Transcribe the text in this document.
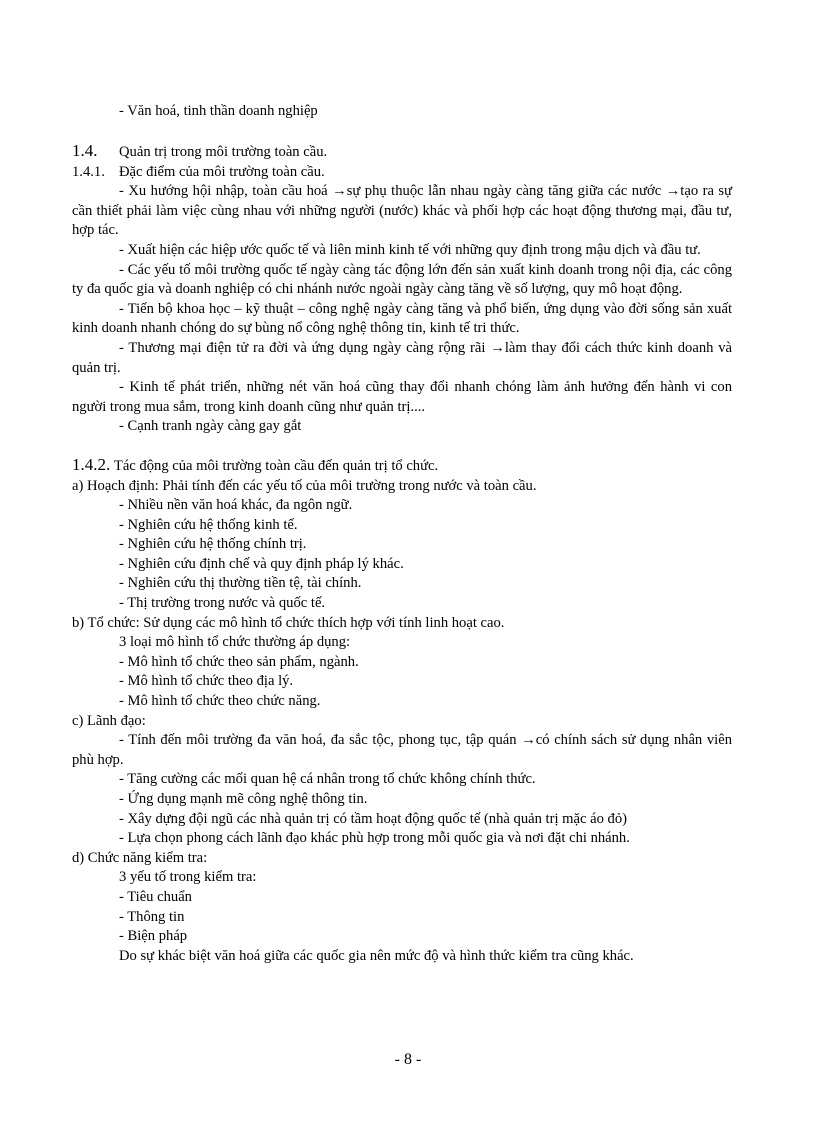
- Văn hoá, tinh thần doanh nghiệp

1.4. Quản trị trong môi trường toàn cầu.

1.4.1. Đặc điểm của môi trường toàn cầu.

- Xu hướng hội nhập, toàn cầu hoá →sự phụ thuộc lẫn nhau ngày càng tăng giữa các nước →tạo ra sự cần thiết phải làm việc cùng nhau với những người (nước) khác và phối hợp các hoạt động thương mại, đầu tư, hợp tác.

- Xuất hiện các hiệp ước quốc tế và liên minh kinh tế với những quy định trong mậu dịch và đầu tư.

- Các yếu tố môi trường quốc tế ngày càng tác động lớn đến sản xuất kinh doanh trong nội địa, các công ty đa quốc gia và doanh nghiệp có chi nhánh nước ngoài ngày càng tăng về số lượng, quy mô hoạt động.

- Tiến bộ khoa học – kỹ thuật – công nghệ ngày càng tăng và phổ biến, ứng dụng vào đời sống sản xuất kinh doanh nhanh chóng do sự bùng nổ công nghệ thông tin, kinh tế tri thức.

- Thương mại điện tử ra đời và ứng dụng ngày càng rộng rãi →làm thay đổi cách thức kinh doanh và quản trị.

- Kinh tế phát triển, những nét văn hoá cũng thay đổi nhanh chóng làm ảnh hưởng đến hành vi con người trong mua sắm, trong kinh doanh cũng như quản trị....

- Cạnh tranh ngày càng gay gắt

1.4.2. Tác động của môi trường toàn cầu đến quản trị tổ chức.

a) Hoạch định: Phải tính đến các yếu tố của môi trường trong nước và toàn cầu.

- Nhiều nền văn hoá khác, đa ngôn ngữ.

- Nghiên cứu hệ thống kinh tế.

- Nghiên cứu hệ thống chính trị.

- Nghiên cứu định chế và quy định pháp lý khác.

- Nghiên cứu thị thường tiền tệ, tài chính.

- Thị trường trong nước và quốc tế.

b) Tổ chức: Sử dụng các mô hình tổ chức thích hợp với tính linh hoạt cao.

3 loại mô hình tổ chức thường áp dụng:

- Mô hình tổ chức theo sản phẩm, ngành.

- Mô hình tổ chức theo địa lý.

- Mô hình tổ chức theo chức năng.

c) Lãnh đạo:

- Tính đến môi trường đa văn hoá, đa sắc tộc, phong tục, tập quán →có chính sách sử dụng nhân viên phù hợp.

- Tăng cường các mối quan hệ cá nhân trong tổ chức không chính thức.

- Ứng dụng mạnh mẽ công nghệ thông tin.

- Xây dựng đội ngũ các nhà quản trị có tầm hoạt động quốc tế (nhà quản trị mặc áo đỏ)

- Lựa chọn phong cách lãnh đạo khác phù hợp trong mỗi quốc gia và nơi đặt chi nhánh.

d) Chức năng kiểm tra:

3 yếu tố trong kiểm tra:

- Tiêu chuẩn

- Thông tin

- Biện pháp

Do sự khác biệt văn hoá giữa các quốc gia nên mức độ và hình thức kiểm tra cũng khác.

- 8 -
